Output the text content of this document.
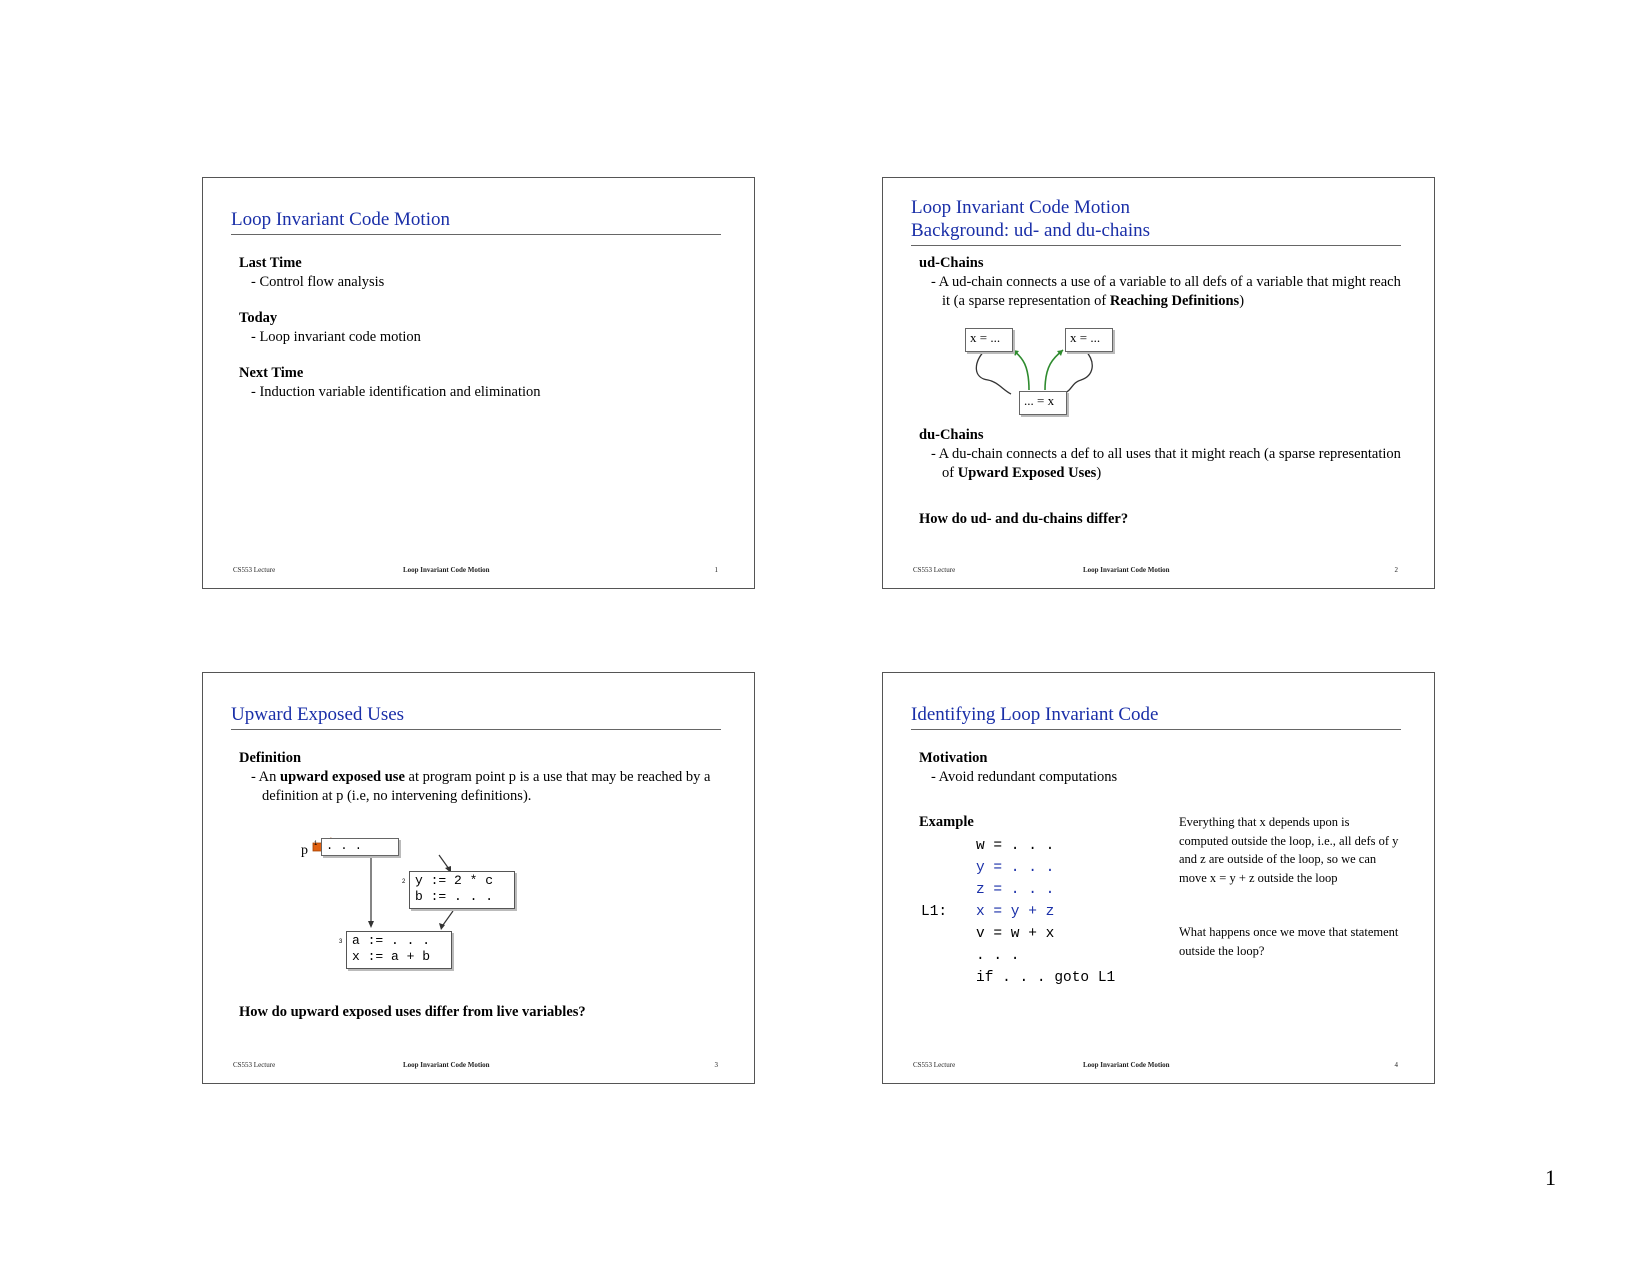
Loop Invariant Code Motion
Last Time
- Control flow analysis
Today
- Loop invariant code motion
Next Time
- Induction variable identification and elimination
CS553 Lecture	Loop Invariant Code Motion	1
Loop Invariant Code Motion
Background: ud- and du-chains
ud-Chains
- A ud-chain connects a use of a variable to all defs of a variable that might reach it (a sparse representation of Reaching Definitions)
x = ...	x = ...
... = x
du-Chains
- A du-chain connects a def to all uses that it might reach (a sparse representation of Upward Exposed Uses)
How do ud- and du-chains differ?
CS553 Lecture	Loop Invariant Code Motion	2
Upward Exposed Uses
Definition
- An upward exposed use at program point p is a use that may be reached by a definition at p (i.e, no intervening definitions).
. . .
1
p
y := 2 * c
b := . . .
2
a := . . .
x := a + b
3
How do upward exposed uses differ from live variables?
CS553 Lecture	Loop Invariant Code Motion	3
Identifying Loop Invariant Code
Motivation
- Avoid redundant computations
Example
w = . . .
y = . . .
z = . . .
L1: x = y + z
v = w + x
. . .
if . . . goto L1
Everything that x depends upon is computed outside the loop, i.e., all defs of y and z are outside of the loop, so we can move x = y + z outside the loop
What happens once we move that statement outside the loop?
CS553 Lecture	Loop Invariant Code Motion	4
1
